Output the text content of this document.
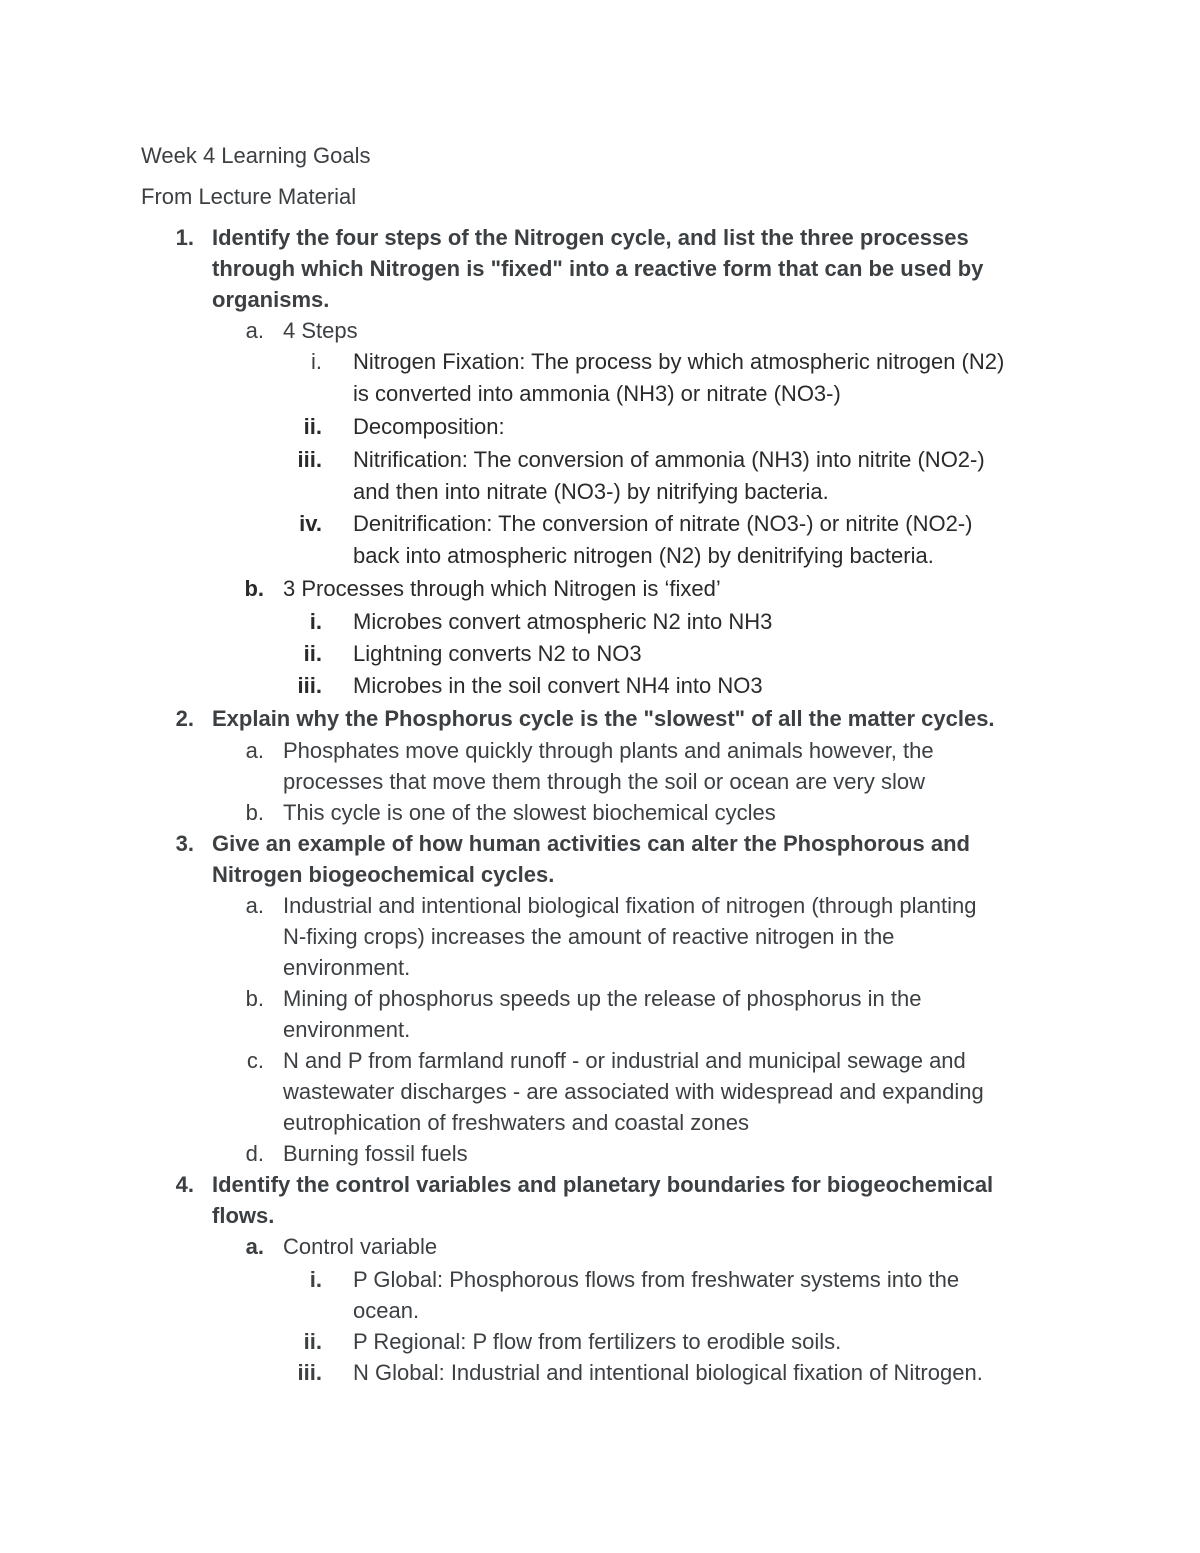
Week 4 Learning Goals
From Lecture Material
1. Identify the four steps of the Nitrogen cycle, and list the three processes
through which Nitrogen is "fixed" into a reactive form that can be used by
organisms.
a. 4 Steps
i. Nitrogen Fixation: The process by which atmospheric nitrogen (N2)
is converted into ammonia (NH3) or nitrate (NO3-)
ii. Decomposition:
iii. Nitrification: The conversion of ammonia (NH3) into nitrite (NO2-)
and then into nitrate (NO3-) by nitrifying bacteria.
iv. Denitrification: The conversion of nitrate (NO3-) or nitrite (NO2-)
back into atmospheric nitrogen (N2) by denitrifying bacteria.
b. 3 Processes through which Nitrogen is ‘fixed’
i. Microbes convert atmospheric N2 into NH3
ii. Lightning converts N2 to NO3
iii. Microbes in the soil convert NH4 into NO3
2. Explain why the Phosphorus cycle is the "slowest" of all the matter cycles.
a. Phosphates move quickly through plants and animals however, the
processes that move them through the soil or ocean are very slow
b. This cycle is one of the slowest biochemical cycles
3. Give an example of how human activities can alter the Phosphorous and
Nitrogen biogeochemical cycles.
a. Industrial and intentional biological fixation of nitrogen (through planting
N-fixing crops) increases the amount of reactive nitrogen in the
environment.
b. Mining of phosphorus speeds up the release of phosphorus in the
environment.
c. N and P from farmland runoff - or industrial and municipal sewage and
wastewater discharges - are associated with widespread and expanding
eutrophication of freshwaters and coastal zones
d. Burning fossil fuels
4. Identify the control variables and planetary boundaries for biogeochemical
flows.
a. Control variable
i. P Global: Phosphorous flows from freshwater systems into the
ocean.
ii. P Regional: P flow from fertilizers to erodible soils.
iii. N Global: Industrial and intentional biological fixation of Nitrogen.
